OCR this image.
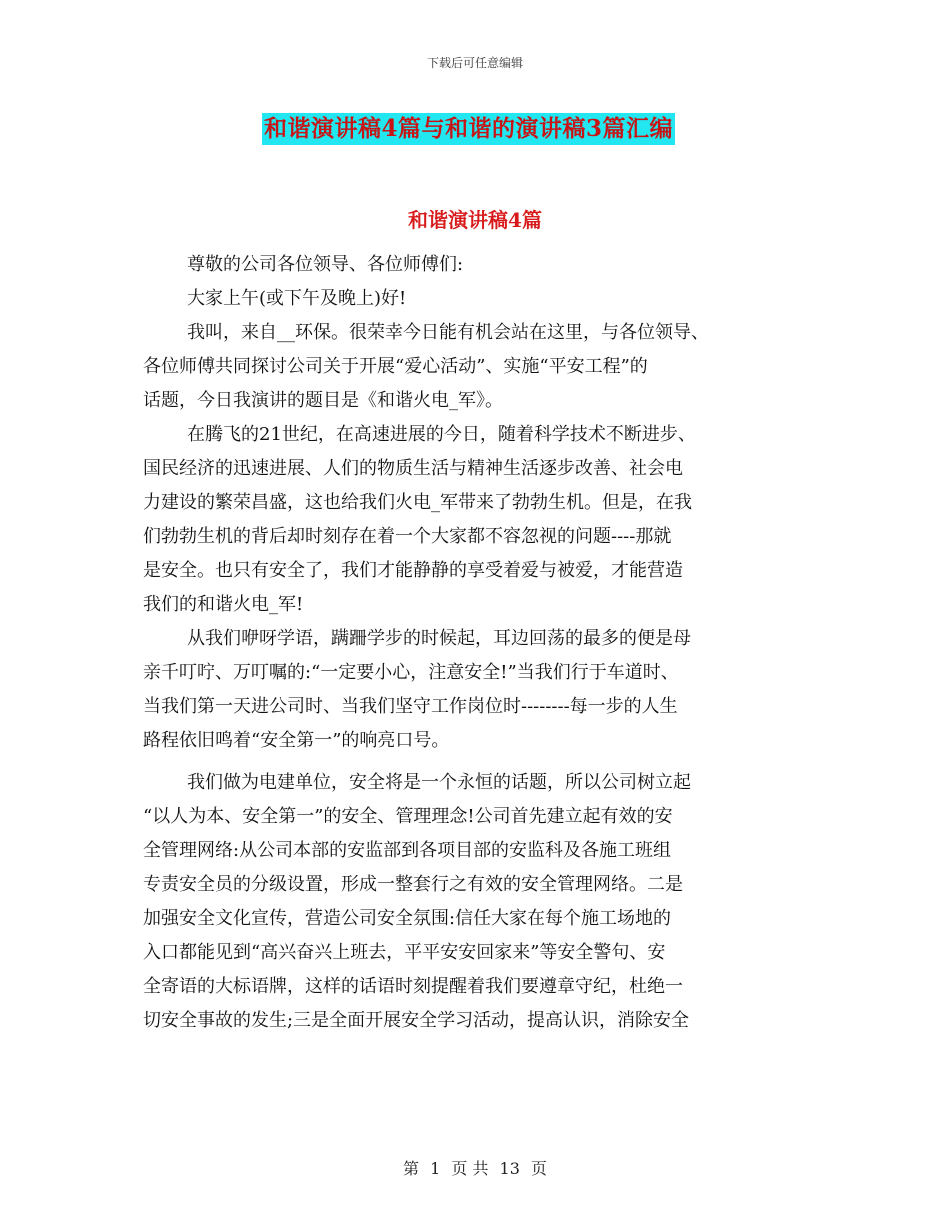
下载后可任意编辑
和谐演讲稿4篇与和谐的演讲稿3篇汇编
和谐演讲稿4篇
尊敬的公司各位领导、各位师傅们:
大家上午(或下午及晚上)好!
我叫，来自__环保。很荣幸今日能有机会站在这里，与各位领导、
各位师傅共同探讨公司关于开展“爱心活动”、实施“平安工程”的
话题，今日我演讲的题目是《和谐火电_军》。
在腾飞的21世纪，在高速进展的今日，随着科学技术不断进步、
国民经济的迅速进展、人们的物质生活与精神生活逐步改善、社会电
力建设的繁荣昌盛，这也给我们火电_军带来了勃勃生机。但是，在我
们勃勃生机的背后却时刻存在着一个大家都不容忽视的问题----那就
是安全。也只有安全了，我们才能静静的享受着爱与被爱，才能营造
我们的和谐火电_军!
从我们咿呀学语，蹒跚学步的时候起，耳边回荡的最多的便是母
亲千叮咛、万叮嘱的:“一定要小心，注意安全!”当我们行于车道时、
当我们第一天进公司时、当我们坚守工作岗位时--------每一步的人生
路程依旧鸣着“安全第一”的响亮口号。
我们做为电建单位，安全将是一个永恒的话题，所以公司树立起
“以人为本、安全第一”的安全、管理理念!公司首先建立起有效的安
全管理网络:从公司本部的安监部到各项目部的安监科及各施工班组
专责安全员的分级设置，形成一整套行之有效的安全管理网络。二是
加强安全文化宣传，营造公司安全氛围:信任大家在每个施工场地的
入口都能见到“高兴奋兴上班去，平平安安回家来”等安全警句、安
全寄语的大标语牌，这样的话语时刻提醒着我们要遵章守纪，杜绝一
切安全事故的发生;三是全面开展安全学习活动，提高认识，消除安全
第 1 页 共 13 页
